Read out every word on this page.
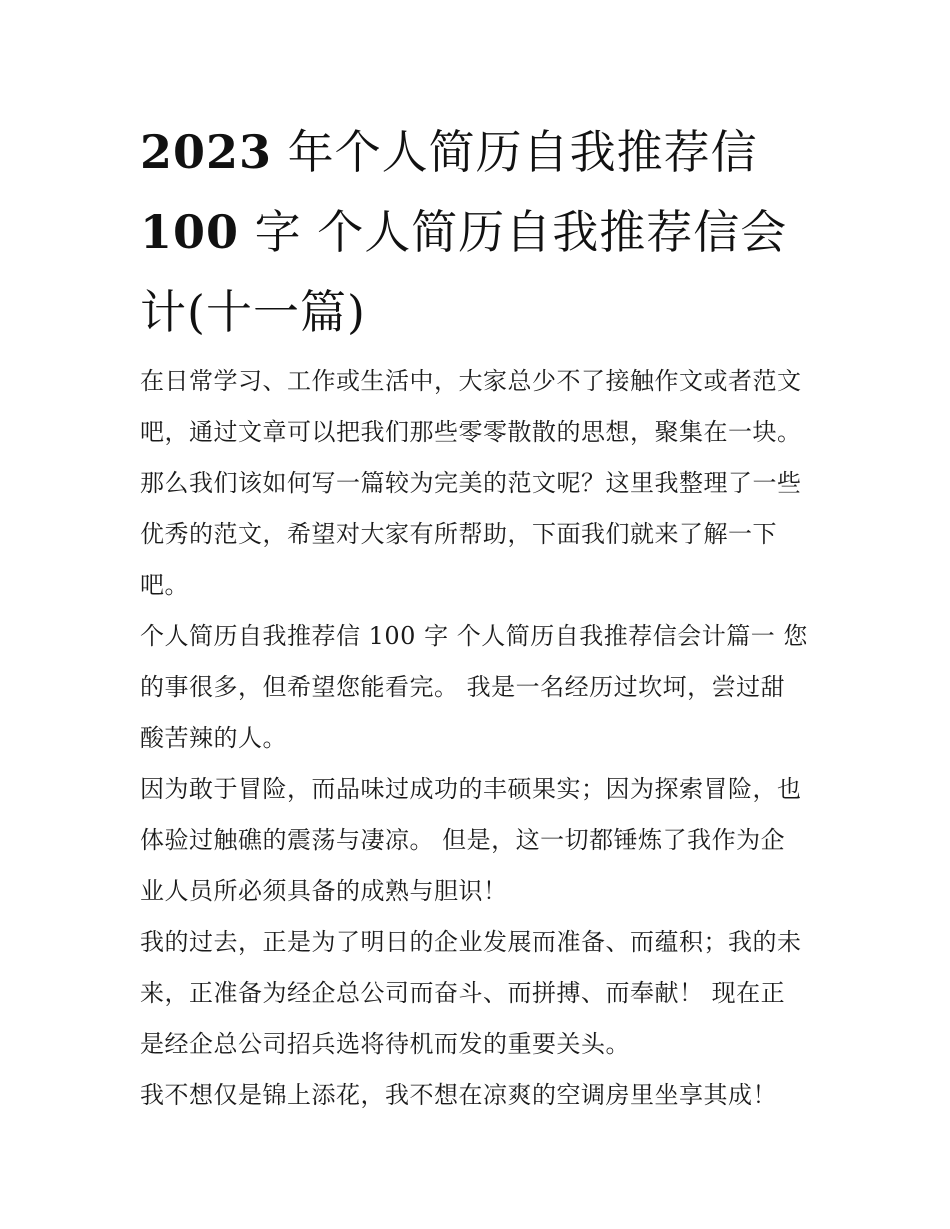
2023 年个人简历自我推荐信
100 字 个人简历自我推荐信会
计(十一篇)
在日常学习、工作或生活中，大家总少不了接触作文或者范文
吧，通过文章可以把我们那些零零散散的思想，聚集在一块。
那么我们该如何写一篇较为完美的范文呢？这里我整理了一些
优秀的范文，希望对大家有所帮助，下面我们就来了解一下
吧。
个人简历自我推荐信 100 字 个人简历自我推荐信会计篇一 您
的事很多，但希望您能看完。 我是一名经历过坎坷，尝过甜
酸苦辣的人。
因为敢于冒险，而品味过成功的丰硕果实；因为探索冒险，也
体验过触礁的震荡与凄凉。 但是，这一切都锤炼了我作为企
业人员所必须具备的成熟与胆识！
我的过去，正是为了明日的企业发展而准备、而蕴积；我的未
来，正准备为经企总公司而奋斗、而拼搏、而奉献！ 现在正
是经企总公司招兵选将待机而发的重要关头。
我不想仅是锦上添花，我不想在凉爽的空调房里坐享其成！
